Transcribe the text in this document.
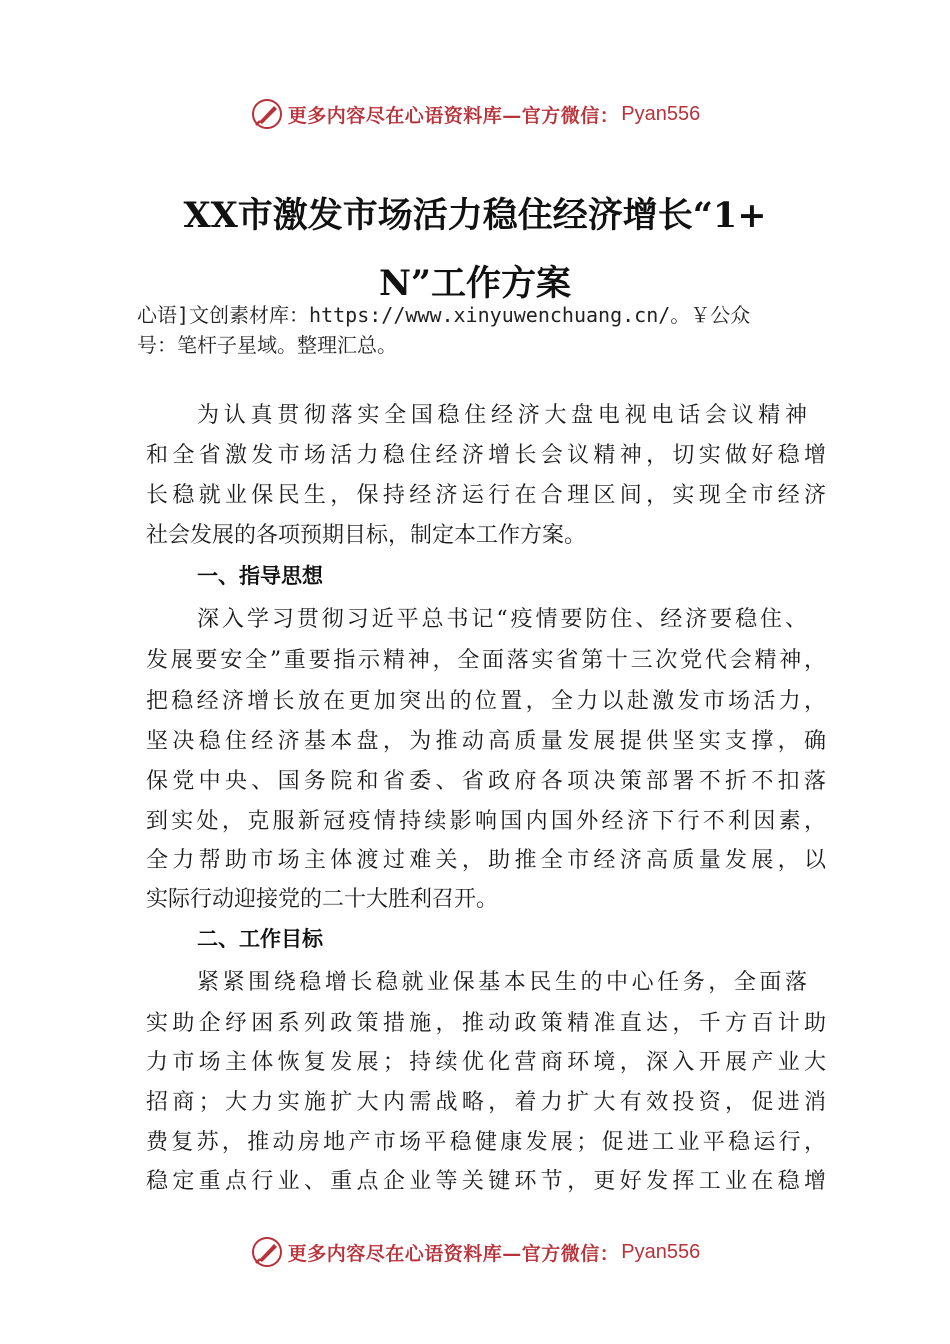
更多内容尽在心语资料库—官方微信： Pyan556
XX市激发市场活力稳住经济增长“1+
N”工作方案
心语]文创素材库：https://www.xinyuwenchuang.cn/。￥公众
号：笔杆子星域。整理汇总。
为认真贯彻落实全国稳住经济大盘电视电话会议精神
和全省激发市场活力稳住经济增长会议精神，切实做好稳增
长稳就业保民生，保持经济运行在合理区间，实现全市经济
社会发展的各项预期目标，制定本工作方案。
一、指导思想
深入学习贯彻习近平总书记“疫情要防住、经济要稳住、
发展要安全”重要指示精神，全面落实省第十三次党代会精神，
把稳经济增长放在更加突出的位置，全力以赴激发市场活力，
坚决稳住经济基本盘，为推动高质量发展提供坚实支撑，确
保党中央、国务院和省委、省政府各项决策部署不折不扣落
到实处，克服新冠疫情持续影响国内国外经济下行不利因素，
全力帮助市场主体渡过难关，助推全市经济高质量发展，以
实际行动迎接党的二十大胜利召开。
二、工作目标
紧紧围绕稳增长稳就业保基本民生的中心任务，全面落
实助企纾困系列政策措施，推动政策精准直达，千方百计助
力市场主体恢复发展；持续优化营商环境，深入开展产业大
招商；大力实施扩大内需战略，着力扩大有效投资，促进消
费复苏，推动房地产市场平稳健康发展；促进工业平稳运行，
稳定重点行业、重点企业等关键环节，更好发挥工业在稳增
更多内容尽在心语资料库—官方微信： Pyan556
